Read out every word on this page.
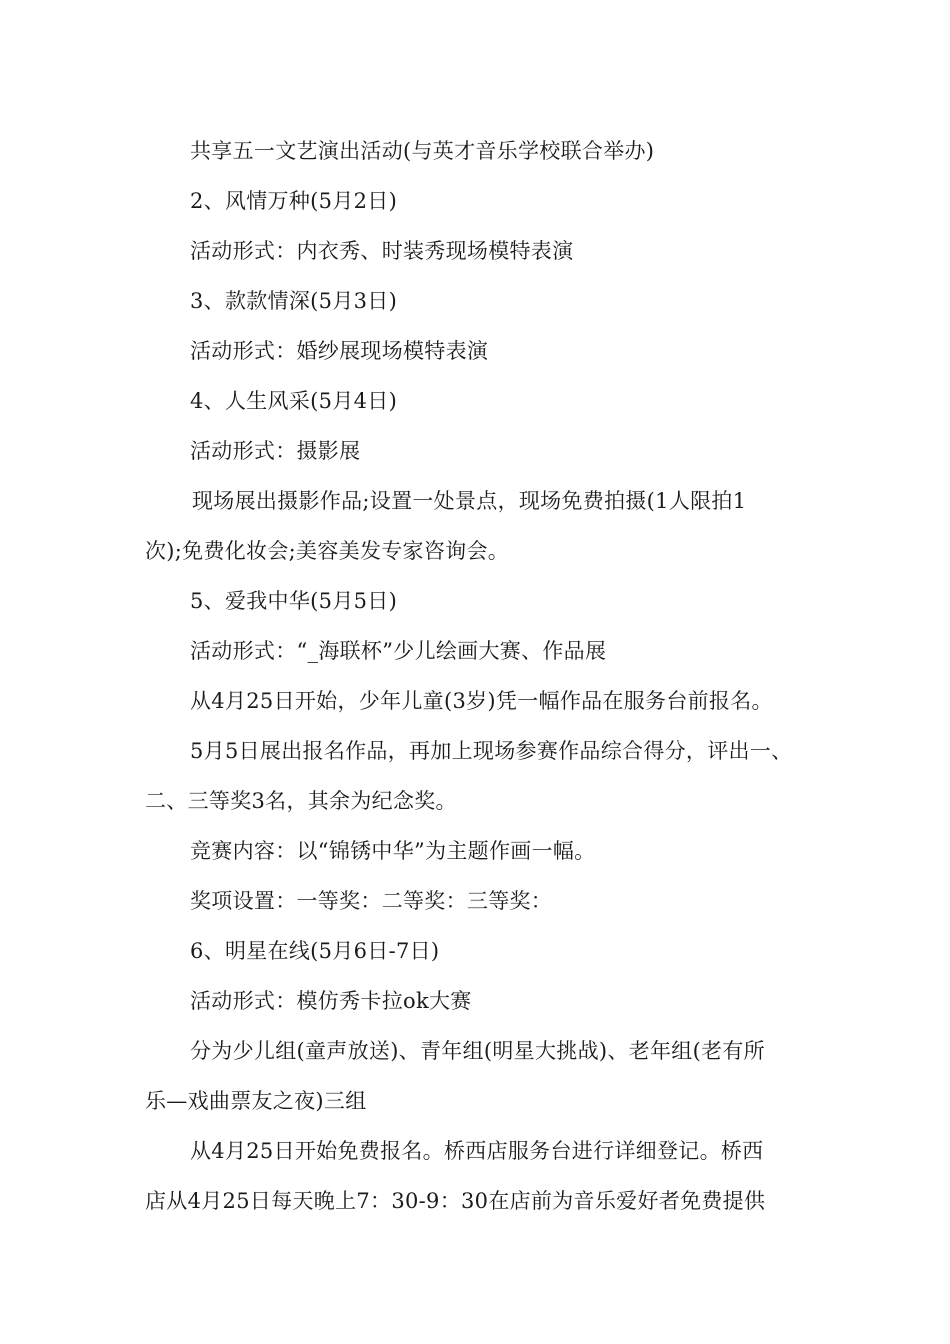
共享五一文艺演出活动(与英才音乐学校联合举办)
2、风情万种(5月2日)
活动形式：内衣秀、时装秀现场模特表演
3、款款情深(5月3日)
活动形式：婚纱展现场模特表演
4、人生风采(5月4日)
活动形式：摄影展
现场展出摄影作品;设置一处景点，现场免费拍摄(1人限拍1
次);免费化妆会;美容美发专家咨询会。
5、爱我中华(5月5日)
活动形式：“_海联杯”少儿绘画大赛、作品展
从4月25日开始，少年儿童(3岁)凭一幅作品在服务台前报名。
5月5日展出报名作品，再加上现场参赛作品综合得分，评出一、
二、三等奖3名，其余为纪念奖。
竞赛内容：以“锦锈中华”为主题作画一幅。
奖项设置：一等奖：二等奖：三等奖：
6、明星在线(5月6日-7日)
活动形式：模仿秀卡拉ok大赛
分为少儿组(童声放送)、青年组(明星大挑战)、老年组(老有所
乐—戏曲票友之夜)三组
从4月25日开始免费报名。桥西店服务台进行详细登记。桥西
店从4月25日每天晚上7：30-9：30在店前为音乐爱好者免费提供
